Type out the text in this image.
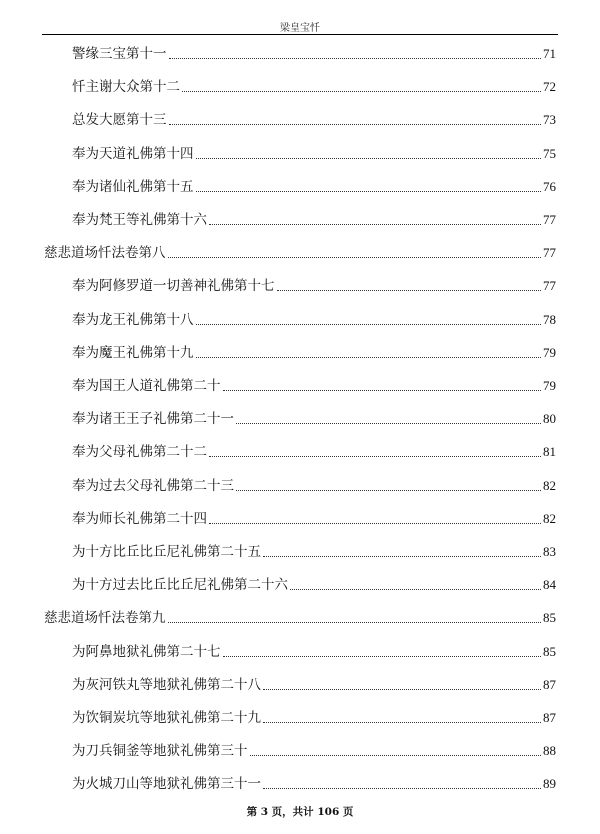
梁皇宝忏
警缘三宝第十一	71
忏主谢大众第十二	72
总发大愿第十三	73
奉为天道礼佛第十四	75
奉为诸仙礼佛第十五	76
奉为梵王等礼佛第十六	77
慈悲道场忏法卷第八	77
奉为阿修罗道一切善神礼佛第十七	77
奉为龙王礼佛第十八	78
奉为魔王礼佛第十九	79
奉为国王人道礼佛第二十	79
奉为诸王王子礼佛第二十一	80
奉为父母礼佛第二十二	81
奉为过去父母礼佛第二十三	82
奉为师长礼佛第二十四	82
为十方比丘比丘尼礼佛第二十五	83
为十方过去比丘比丘尼礼佛第二十六	84
慈悲道场忏法卷第九	85
为阿鼻地狱礼佛第二十七	85
为灰河铁丸等地狱礼佛第二十八	87
为饮铜炭坑等地狱礼佛第二十九	87
为刀兵铜釜等地狱礼佛第三十	88
为火城刀山等地狱礼佛第三十一	89
第 3 页，共计 106 页
